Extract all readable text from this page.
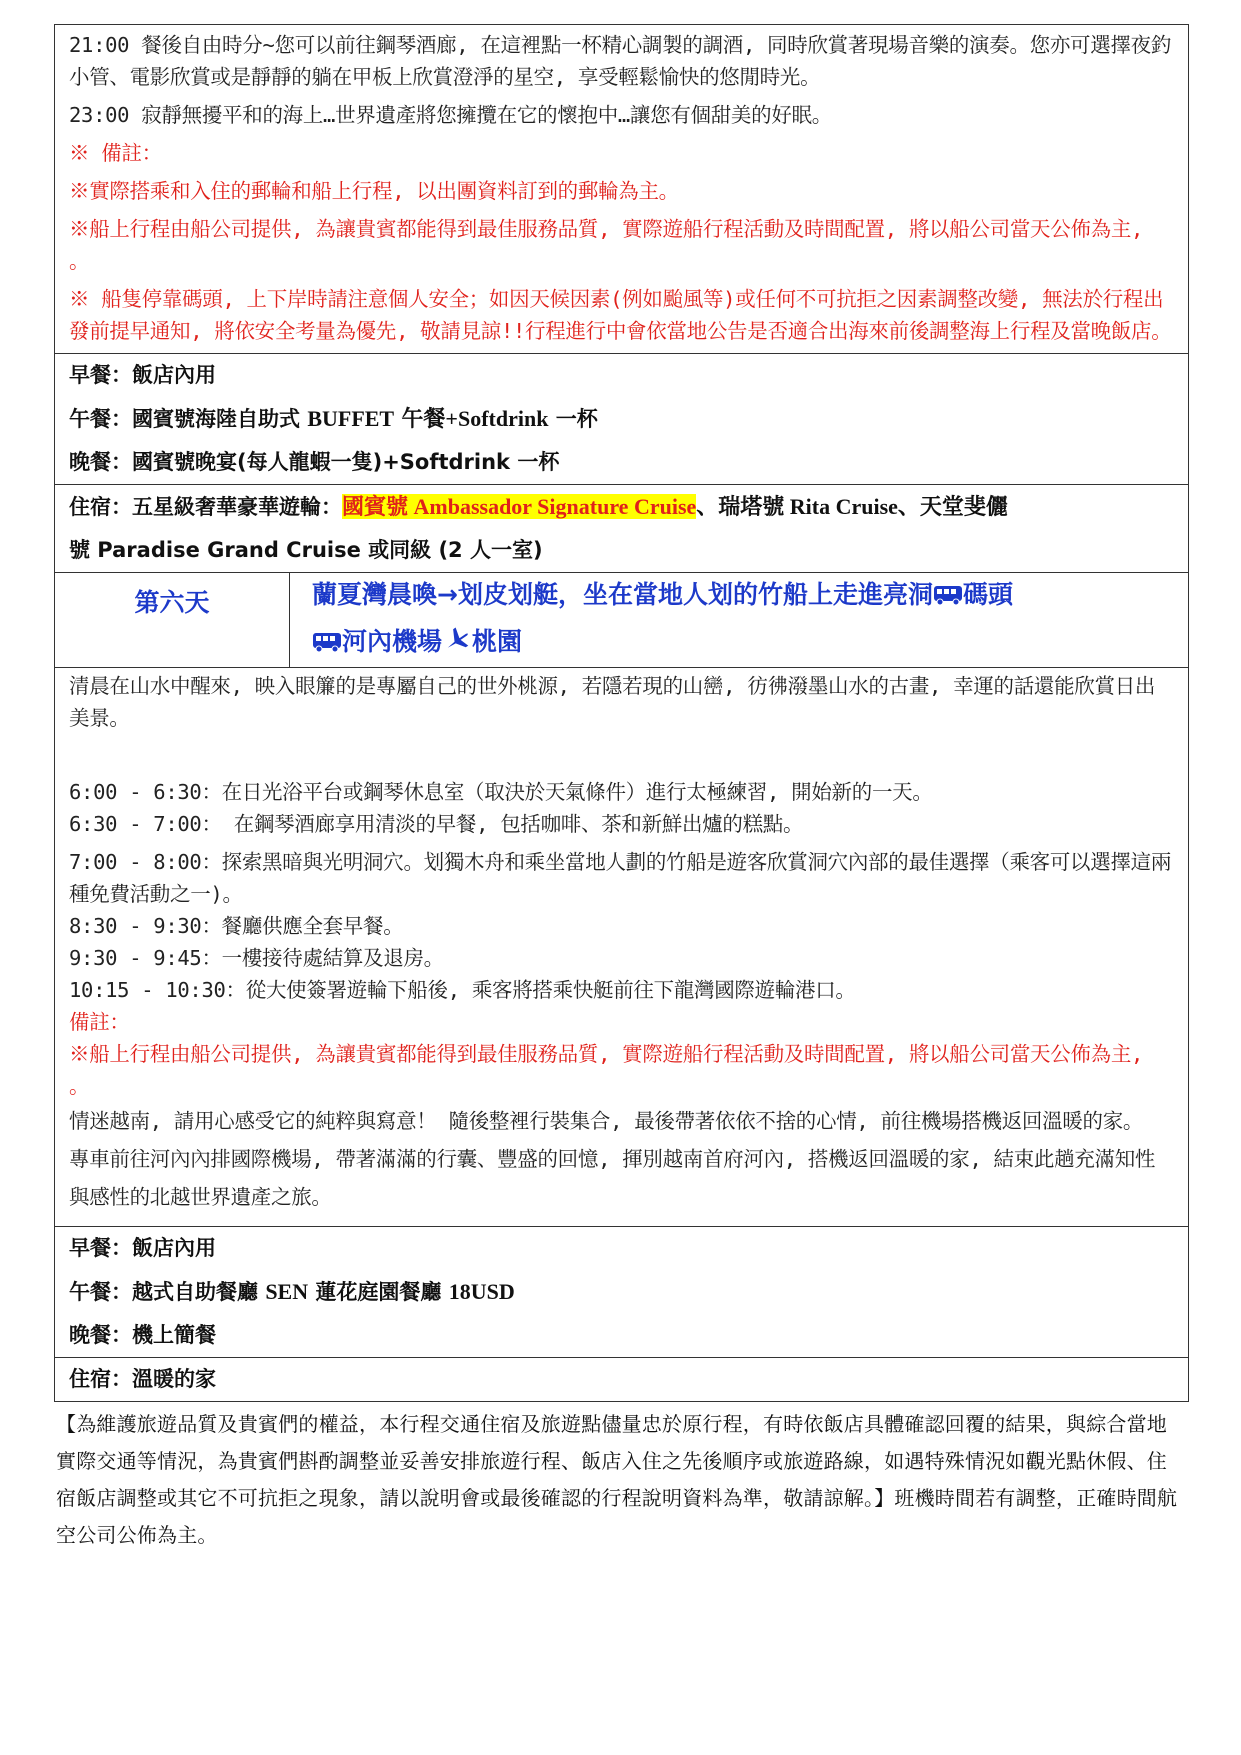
21:00 餐後自由時分~您可以前往鋼琴酒廊, 在這裡點一杯精心調製的調酒, 同時欣賞著現場音樂的演奏。您亦可選擇夜釣小管、電影欣賞或是靜靜的躺在甲板上欣賞澄淨的星空, 享受輕鬆愉快的悠閒時光。

23:00 寂靜無擾平和的海上…世界遺產將您擁攬在它的懷抱中…讓您有個甜美的好眠。

※ 備註：

※實際搭乘和入住的郵輪和船上行程, 以出團資料訂到的郵輪為主。

※船上行程由船公司提供, 為讓貴賓都能得到最佳服務品質, 實際遊船行程活動及時間配置, 將以船公司當天公佈為主, 。

※ 船隻停靠碼頭, 上下岸時請注意個人安全；如因天候因素(例如颱風等)或任何不可抗拒之因素調整改變, 無法於行程出發前提早通知, 將依安全考量為優先, 敬請見諒!!行程進行中會依當地公告是否適合出海來前後調整海上行程及當晚飯店。

早餐：飯店內用

午餐：國賓號海陸自助式 BUFFET 午餐+Softdrink 一杯

晚餐：國賓號晚宴(每人龍蝦一隻)+Softdrink 一杯

住宿：五星級奢華豪華遊輪：國賓號 Ambassador Signature Cruise、瑞塔號 Rita Cruise、天堂斐儷

號 Paradise Grand Cruise 或同級 (2 人一室)

第六天	蘭夏灣晨喚→划皮划艇，坐在當地人划的竹船上走進亮洞 碼頭
河內機場 桃園

清晨在山水中醒來, 映入眼簾的是專屬自己的世外桃源, 若隱若現的山巒, 彷彿潑墨山水的古畫, 幸運的話還能欣賞日出美景。

6:00 - 6:30：在日光浴平台或鋼琴休息室（取決於天氣條件）進行太極練習, 開始新的一天。

6:30 - 7:00： 在鋼琴酒廊享用清淡的早餐, 包括咖啡、茶和新鮮出爐的糕點。

7:00 - 8:00：探索黑暗與光明洞穴。划獨木舟和乘坐當地人劃的竹船是遊客欣賞洞穴內部的最佳選擇（乘客可以選擇這兩種免費活動之一)。

8:30 - 9:30：餐廳供應全套早餐。

9:30 - 9:45：一樓接待處結算及退房。

10:15 - 10:30：從大使簽署遊輪下船後, 乘客將搭乘快艇前往下龍灣國際遊輪港口。

備註：

※船上行程由船公司提供, 為讓貴賓都能得到最佳服務品質, 實際遊船行程活動及時間配置, 將以船公司當天公佈為主, 。

情迷越南, 請用心感受它的純粹與寫意！ 隨後整裡行裝集合, 最後帶著依依不捨的心情, 前往機場搭機返回溫暖的家。 專車前往河內內排國際機場, 帶著滿滿的行囊、豐盛的回憶, 揮別越南首府河內, 搭機返回溫暖的家, 結束此趟充滿知性與感性的北越世界遺產之旅。

早餐：飯店內用

午餐：越式自助餐廳 SEN 蓮花庭園餐廳 18USD

晚餐：機上簡餐

住宿：溫暖的家

【為維護旅遊品質及貴賓們的權益，本行程交通住宿及旅遊點儘量忠於原行程，有時依飯店具體確認回覆的結果，與綜合當地實際交通等情況，為貴賓們斟酌調整並妥善安排旅遊行程、飯店入住之先後順序或旅遊路線，如遇特殊情況如觀光點休假、住宿飯店調整或其它不可抗拒之現象，請以說明會或最後確認的行程說明資料為準，敬請諒解。】班機時間若有調整，正確時間航空公司公佈為主。
